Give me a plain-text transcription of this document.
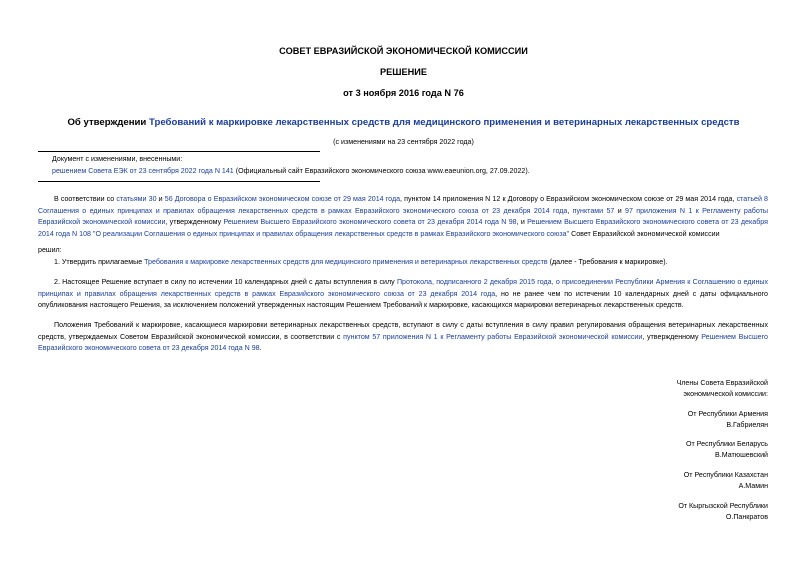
СОВЕТ ЕВРАЗИЙСКОЙ ЭКОНОМИЧЕСКОЙ КОМИССИИ
РЕШЕНИЕ
от 3 ноября 2016 года N 76
Об утверждении Требований к маркировке лекарственных средств для медицинского применения и ветеринарных лекарственных средств
(с изменениями на 23 сентября 2022 года)
Документ с изменениями, внесенными:
решением Совета ЕЭК от 23 сентября 2022 года N 141 (Официальный сайт Евразийского экономического союза www.eaeunion.org, 27.09.2022).
В соответствии со статьями 30 и 56 Договора о Евразийском экономическом союзе от 29 мая 2014 года, пунктом 14 приложения N 12 к Договору о Евразийском экономическом союзе от 29 мая 2014 года, статьей 8 Соглашения о единых принципах и правилах обращения лекарственных средств в рамках Евразийского экономического союза от 23 декабря 2014 года, пунктами 57 и 97 приложения N 1 к Регламенту работы Евразийской экономической комиссии, утвержденному Решением Высшего Евразийского экономического совета от 23 декабря 2014 года N 98, и Решением Высшего Евразийского экономического совета от 23 декабря 2014 года N 108 "О реализации Соглашения о единых принципах и правилах обращения лекарственных средств в рамках Евразийского экономического союза" Совет Евразийской экономической комиссии
решил:
1. Утвердить прилагаемые Требования к маркировке лекарственных средств для медицинского применения и ветеринарных лекарственных средств (далее - Требования к маркировке).
2. Настоящее Решение вступает в силу по истечении 10 календарных дней с даты вступления в силу Протокола, подписанного 2 декабря 2015 года, о присоединении Республики Армения к Соглашению о единых принципах и правилах обращения лекарственных средств в рамках Евразийского экономического союза от 23 декабря 2014 года, но не ранее чем по истечении 10 календарных дней с даты официального опубликования настоящего Решения, за исключением положений утвержденных настоящим Решением Требований к маркировке, касающихся маркировки ветеринарных лекарственных средств.
Положения Требований к маркировке, касающиеся маркировки ветеринарных лекарственных средств, вступают в силу с даты вступления в силу правил регулирования обращения ветеринарных лекарственных средств, утверждаемых Советом Евразийской экономической комиссии, в соответствии с пунктом 57 приложения N 1 к Регламенту работы Евразийской экономической комиссии, утвержденному Решением Высшего Евразийского экономического совета от 23 декабря 2014 года N 98.
Члены Совета Евразийской
экономической комиссии:
От Республики Армения
В.Габриелян
От Республики Беларусь
В.Матюшевский
От Республики Казахстан
А.Мамин
От Кыргызской Республики
О.Панкратов
